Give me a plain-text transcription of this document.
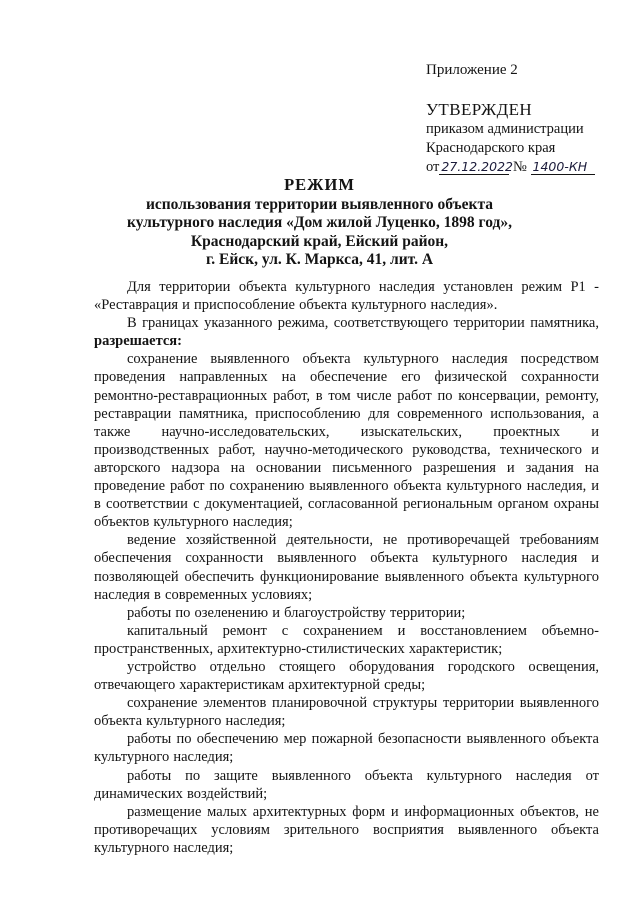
Приложение 2
УТВЕРЖДЕН
приказом администрации
Краснодарского края
от 27.12.2022 № 1400-КН
РЕЖИМ
использования территории выявленного объекта
культурного наследия «Дом жилой Луценко, 1898 год»,
Краснодарский край, Ейский район,
г. Ейск, ул. К. Маркса, 41, лит. А

Для территории объекта культурного наследия установлен режим Р1 - «Реставрация и приспособление объекта культурного наследия».

В границах указанного режима, соответствующего территории памятника, разрешается:

сохранение выявленного объекта культурного наследия посредством проведения направленных на обеспечение его физической сохранности ремонтно-реставрационных работ, в том числе работ по консервации, ремонту, реставрации памятника, приспособлению для современного использования, а также научно-исследовательских, изыскательских, проектных и производственных работ, научно-методического руководства, технического и авторского надзора на основании письменного разрешения и задания на проведение работ по сохранению выявленного объекта культурного наследия, и в соответствии с документацией, согласованной региональным органом охраны объектов культурного наследия;

ведение хозяйственной деятельности, не противоречащей требованиям обеспечения сохранности выявленного объекта культурного наследия и позволяющей обеспечить функционирование выявленного объекта культурного наследия в современных условиях;

работы по озеленению и благоустройству территории;

капитальный ремонт с сохранением и восстановлением объемно-пространственных, архитектурно-стилистических характеристик;

устройство отдельно стоящего оборудования городского освещения, отвечающего характеристикам архитектурной среды;

сохранение элементов планировочной структуры территории выявленного объекта культурного наследия;

работы по обеспечению мер пожарной безопасности выявленного объекта культурного наследия;

работы по защите выявленного объекта культурного наследия от динамических воздействий;

размещение малых архитектурных форм и информационных объектов, не противоречащих условиям зрительного восприятия выявленного объекта культурного наследия;
